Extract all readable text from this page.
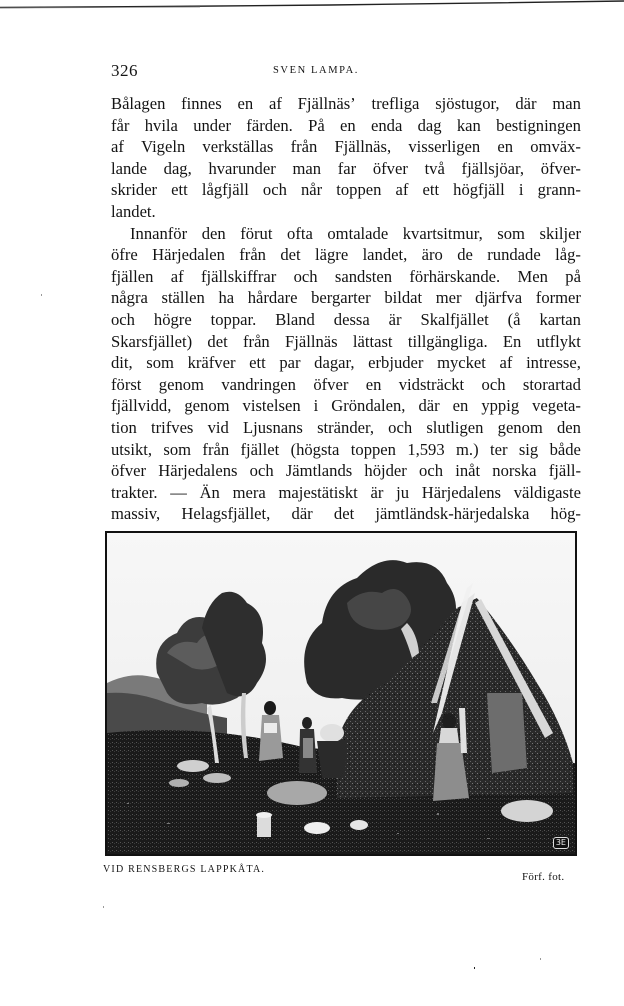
326	SVEN LAMPA.
Bålagen finnes en af Fjällnäs’ trefliga sjöstugor, där man
får hvila under färden. På en enda dag kan bestigningen
af Vigeln verkställas från Fjällnäs, visserligen en omväx-
lande dag, hvarunder man far öfver två fjällsjöar, öfver-
skrider ett lågfjäll och når toppen af ett högfjäll i grann-
landet.
Innanför den förut ofta omtalade kvartsitmur, som skiljer
öfre Härjedalen från det lägre landet, äro de rundade låg-
fjällen af fjällskiffrar och sandsten förhärskande. Men på
några ställen ha hårdare bergarter bildat mer djärfva former
och högre toppar. Bland dessa är Skalfjället (å kartan
Skarsfjället) det från Fjällnäs lättast tillgängliga. En utflykt
dit, som kräfver ett par dagar, erbjuder mycket af intresse,
först genom vandringen öfver en vidsträckt och storartad
fjällvidd, genom vistelsen i Gröndalen, där en yppig vegeta-
tion trifves vid Ljusnans stränder, och slutligen genom den
utsikt, som från fjället (högsta toppen 1,593 m.) ter sig både
öfver Härjedalens och Jämtlands höjder och inåt norska fjäll-
trakter. — Än mera majestätiskt är ju Härjedalens väldigaste
massiv, Helagsfjället, där det jämtländsk-härjedalska hög-
3E
VID RENSBERGS LAPPKÅTA.
Förf. fot.
